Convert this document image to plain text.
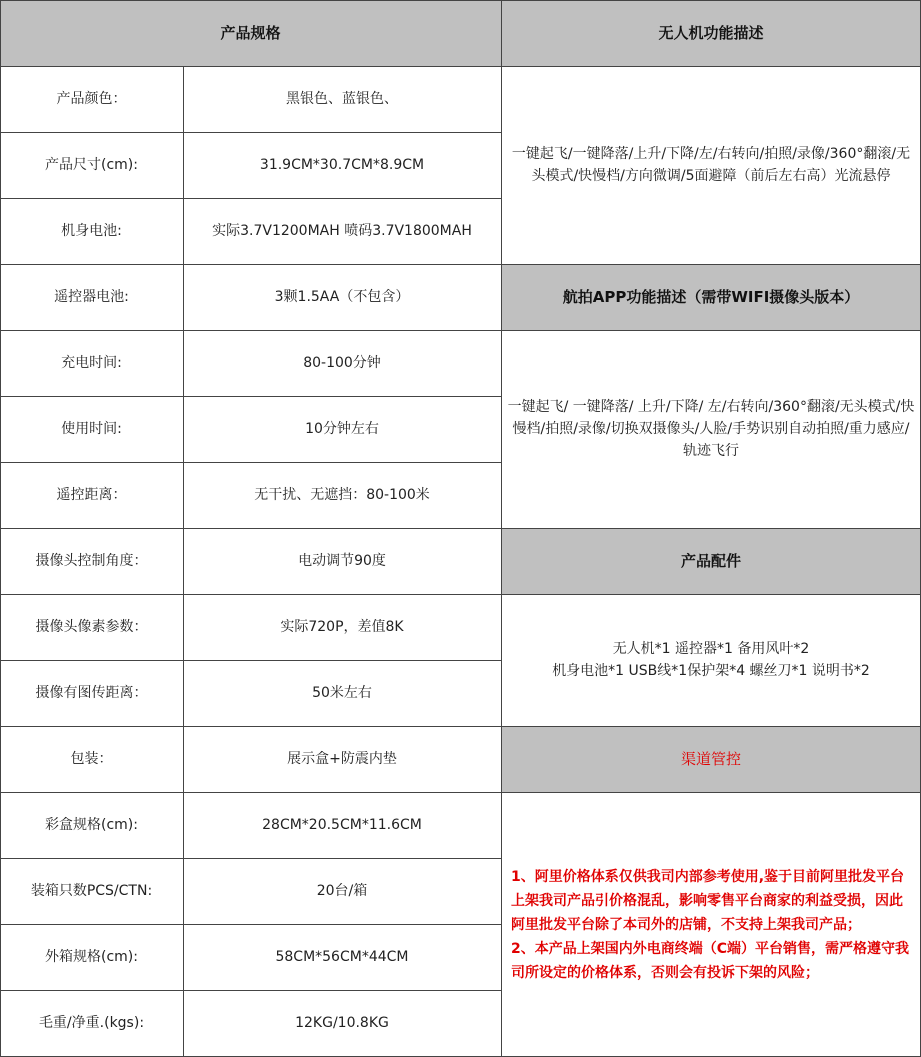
产品规格	无人机功能描述
产品颜色：	黑银色、蓝银色、
产品尺寸(cm):	31.9CM*30.7CM*8.9CM
机身电池:	实际3.7V1200MAH 喷码3.7V1800MAH
遥控器电池:	3颗1.5AA（不包含）
充电时间:	80-100分钟
使用时间:	10分钟左右
遥控距离：	无干扰、无遮挡：80-100米
摄像头控制角度：	电动调节90度
摄像头像素参数：	实际720P，差值8K
摄像有图传距离：	50米左右
包装：	展示盒+防震内垫
彩盒规格(cm):	28CM*20.5CM*11.6CM
装箱只数PCS/CTN:	20台/箱
外箱规格(cm):	58CM*56CM*44CM
毛重/净重.(kgs):	12KG/10.8KG
一键起飞/一键降落/上升/下降/左/右转向/拍照/录像/360°翻滚/无头模式/快慢档/方向微调/5面避障（前后左右高）光流悬停
航拍APP功能描述（需带WIFI摄像头版本）
一键起飞/ 一键降落/ 上升/下降/ 左/右转向/360°翻滚/无头模式/快慢档/拍照/录像/切换双摄像头/人脸/手势识别自动拍照/重力感应/轨迹飞行
产品配件
无人机*1 遥控器*1 备用风叶*2
机身电池*1 USB线*1保护架*4 螺丝刀*1 说明书*2
渠道管控
1、阿里价格体系仅供我司内部参考使用,鉴于目前阿里批发平台上架我司产品引价格混乱，影响零售平台商家的利益受损，因此阿里批发平台除了本司外的店铺，不支持上架我司产品；
2、本产品上架国内外电商终端（C端）平台销售，需严格遵守我司所设定的价格体系，否则会有投诉下架的风险；
